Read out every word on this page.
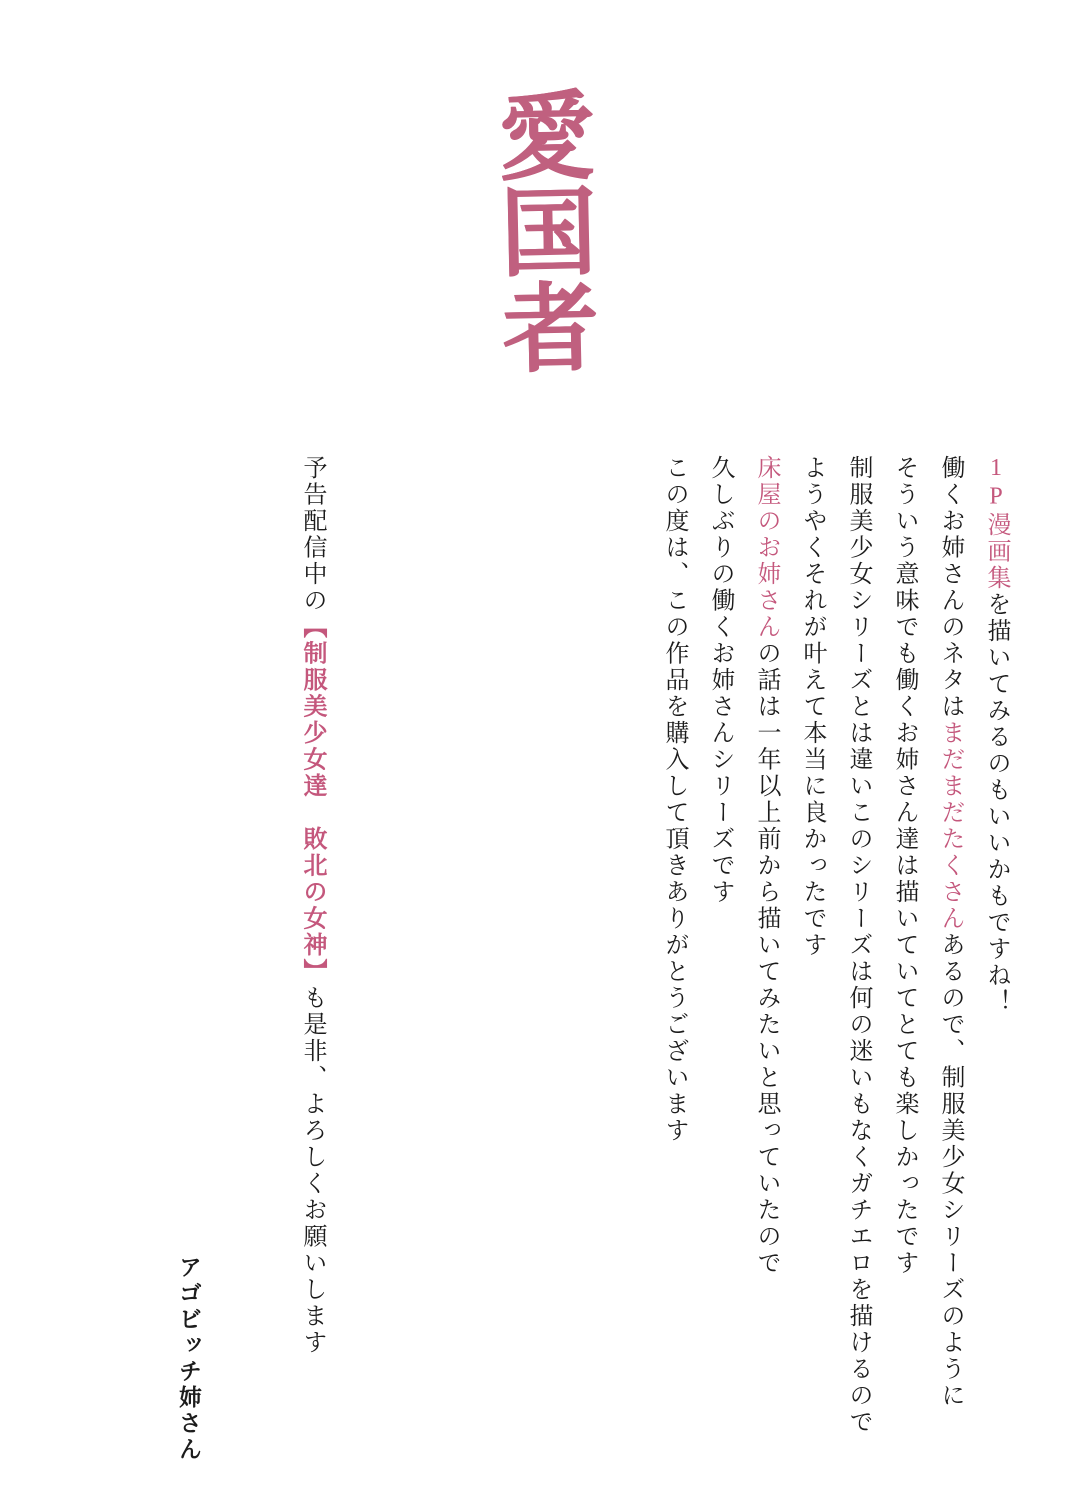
愛国者
この度は、この作品を購入して頂きありがとうございます 久しぶりの働くお姉さんシリーズです 床屋のお姉さんの話は一年以上前から描いてみたいと思っていたので ようやくそれが叶えて本当に良かったです 制服美少女シリーズとは違いこのシリーズは何の迷いもなくガチエロを描けるので そういう意味でも働くお姉さん達は描いていてとても楽しかったです 働くお姉さんのネタはまだまだたくさんあるので、制服美少女シリーズのように
1P漫画集を描いてみるのもいいかもですね！
予告配信中の【制服美少女達　敗北の女神】も是非、よろしくお願いします
アゴビッチ姉さん
